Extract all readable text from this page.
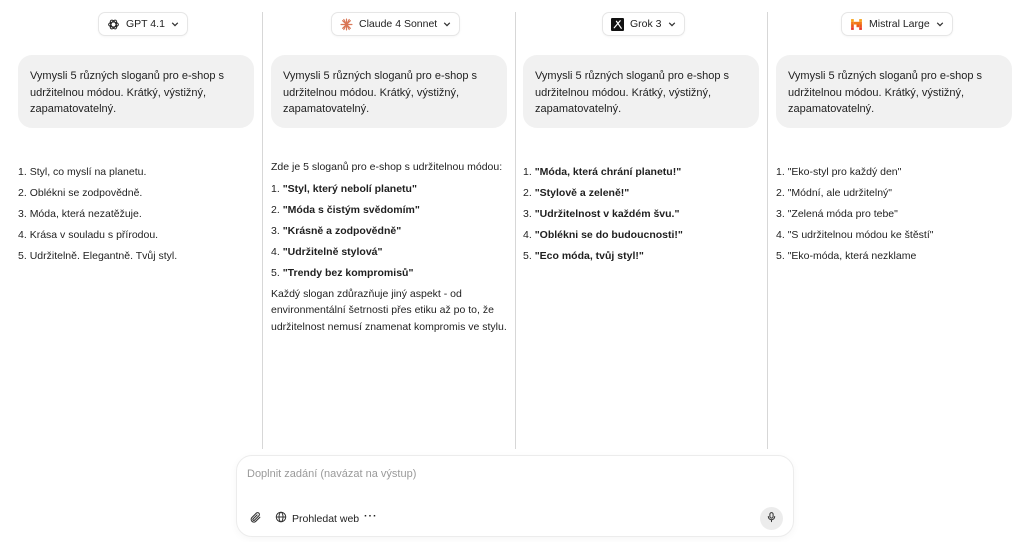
GPT 4.1
Vymysli 5 různých sloganů pro e-shop s udržitelnou módou. Krátký, výstižný, zapamatovatelný.
1. Styl, co myslí na planetu.
2. Oblékni se zodpovědně.
3. Móda, která nezatěžuje.
4. Krása v souladu s přírodou.
5. Udržitelně. Elegantně. Tvůj styl.
Claude 4 Sonnet
Vymysli 5 různých sloganů pro e-shop s udržitelnou módou. Krátký, výstižný, zapamatovatelný.

Zde je 5 sloganů pro e-shop s udržitelnou módou:

1. "Styl, který nebolí planetu"
2. "Móda s čistým svědomím"
3. "Krásně a zodpovědně"
4. "Udržitelně stylová"
5. "Trendy bez kompromisů"

Každý slogan zdůrazňuje jiný aspekt - od environmentální šetrnosti přes etiku až po to, že udržitelnost nemusí znamenat kompromis ve stylu.

Grok 3
Vymysli 5 různých sloganů pro e-shop s udržitelnou módou. Krátký, výstižný, zapamatovatelný.
1. "Móda, která chrání planetu!"
2. "Stylově a zeleně!"
3. "Udržitelnost v každém švu."
4. "Oblékni se do budoucnosti!"
5. "Eco móda, tvůj styl!"
Mistral Large
Vymysli 5 různých sloganů pro e-shop s udržitelnou módou. Krátký, výstižný, zapamatovatelný.
1. "Eko-styl pro každý den"
2. "Módní, ale udržitelný"
3. "Zelená móda pro tebe"
4. "S udržitelnou módou ke štěstí"
5. "Eko-móda, která nezklame
Doplnit zadání (navázat na výstup)
Prohledat web ···
